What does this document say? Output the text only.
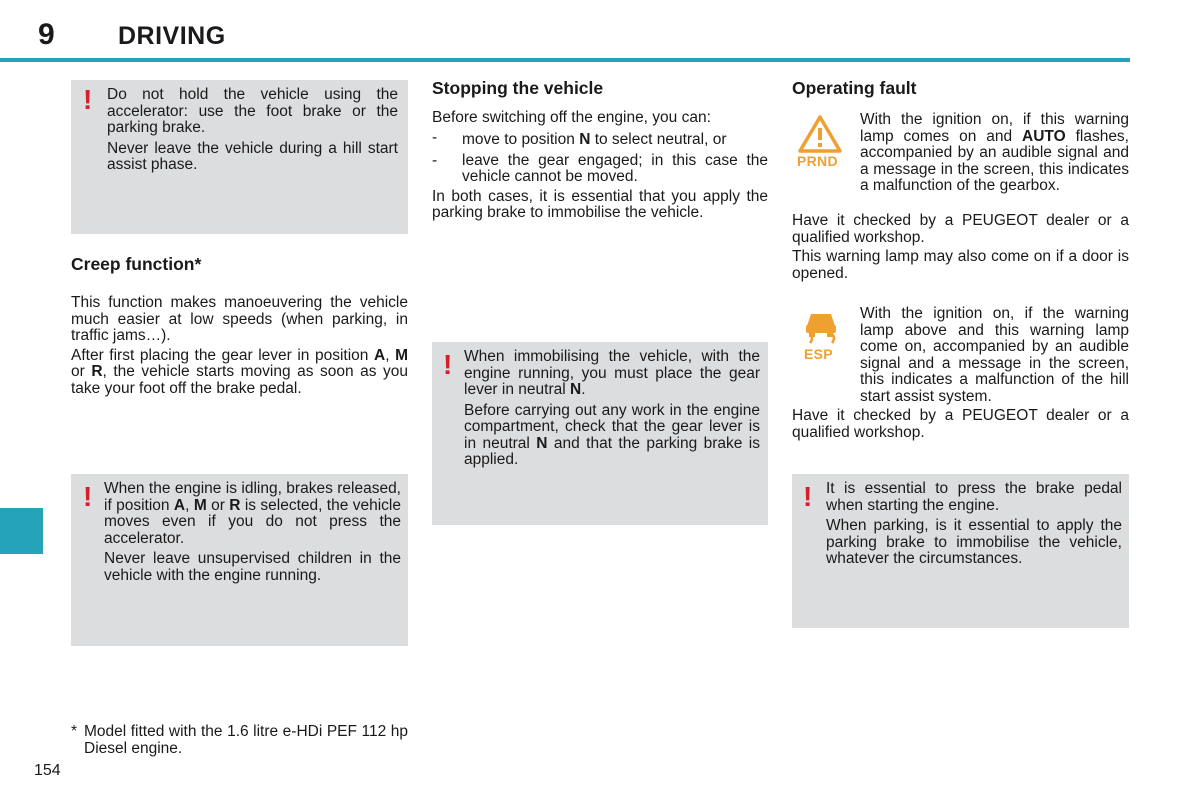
9	DRIVING
! Do not hold the vehicle using the accelerator: use the foot brake or the parking brake.

Never leave the vehicle during a hill start assist phase.

Creep function*

This function makes manoeuvering the vehicle much easier at low speeds (when parking, in traffic jams…).

After first placing the gear lever in position A, M or R, the vehicle starts moving as soon as you take your foot off the brake pedal.

! When the engine is idling, brakes released, if position A, M or R is selected, the vehicle moves even if you do not press the accelerator.

Never leave unsupervised children in the vehicle with the engine running.

* Model fitted with the 1.6 litre e-HDi PEF 112 hp Diesel engine.
154
Stopping the vehicle

Before switching off the engine, you can:

-	move to position N to select neutral, or
-	leave the gear engaged; in this case the vehicle cannot be moved.

In both cases, it is essential that you apply the parking brake to immobilise the vehicle.

! When immobilising the vehicle, with the engine running, you must place the gear lever in neutral N.

Before carrying out any work in the engine compartment, check that the gear lever is in neutral N and that the parking brake is applied.

Operating fault
PRND

With the ignition on, if this warning lamp comes on and AUTO flashes, accompanied by an audible signal and a message in the screen, this indicates a malfunction of the gearbox.

Have it checked by a PEUGEOT dealer or a qualified workshop.

This warning lamp may also come on if a door is opened.

ESP

With the ignition on, if the warning lamp above and this warning lamp come on, accompanied by an audible signal and a message in the screen, this indicates a malfunction of the hill start assist system.

Have it checked by a PEUGEOT dealer or a qualified workshop.

! It is essential to press the brake pedal when starting the engine.

When parking, is it essential to apply the parking brake to immobilise the vehicle, whatever the circumstances.
